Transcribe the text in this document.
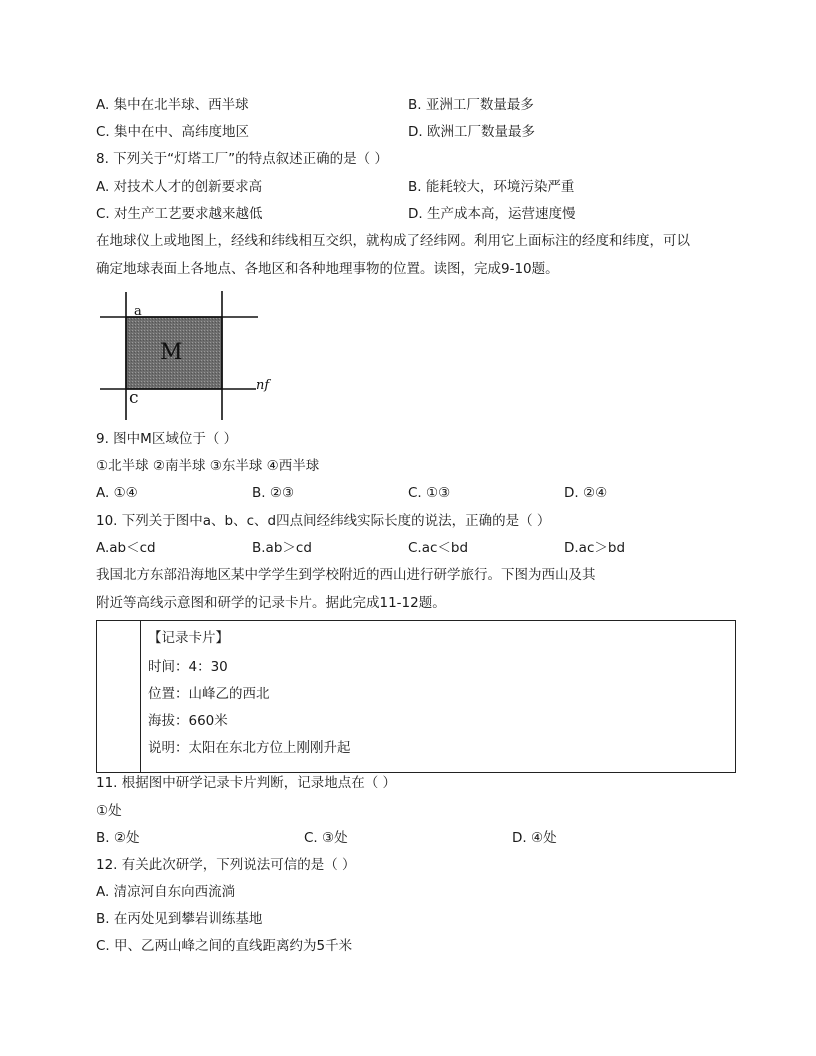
A. 集中在北半球、西半球	B. 亚洲工厂数量最多
C. 集中在中、高纬度地区	D. 欧洲工厂数量最多
8. 下列关于“灯塔工厂”的特点叙述正确的是（ ）
A. 对技术人才的创新要求高	B. 能耗较大，环境污染严重
C. 对生产工艺要求越来越低	D. 生产成本高，运营速度慢
在地球仪上或地图上，经线和纬线相互交织，就构成了经纬网。利用它上面标注的经度和纬度，可以
确定地球表面上各地点、各地区和各种地理事物的位置。读图，完成9-10题。
M
a
c
nf
9. 图中M区域位于（ ）
①北半球 ②南半球 ③东半球 ④西半球
A. ①④	B. ②③	C. ①③	D. ②④
10. 下列关于图中a、b、c、d四点间经纬线实际长度的说法，正确的是（ ）
A.ab＜cd	B.ab＞cd	C.ac＜bd	D.ac＞bd
我国北方东部沿海地区某中学学生到学校附近的西山进行研学旅行。下图为西山及其
附近等高线示意图和研学的记录卡片。据此完成11-12题。
【记录卡片】
时间：4：30
位置：山峰乙的西北
海拔：660米
说明：太阳在东北方位上刚刚升起
11. 根据图中研学记录卡片判断，记录地点在（ ）
①处
B. ②处	C. ③处	D. ④处
12. 有关此次研学，下列说法可信的是（ ）
A. 清凉河自东向西流淌
B. 在丙处见到攀岩训练基地
C. 甲、乙两山峰之间的直线距离约为5千米
